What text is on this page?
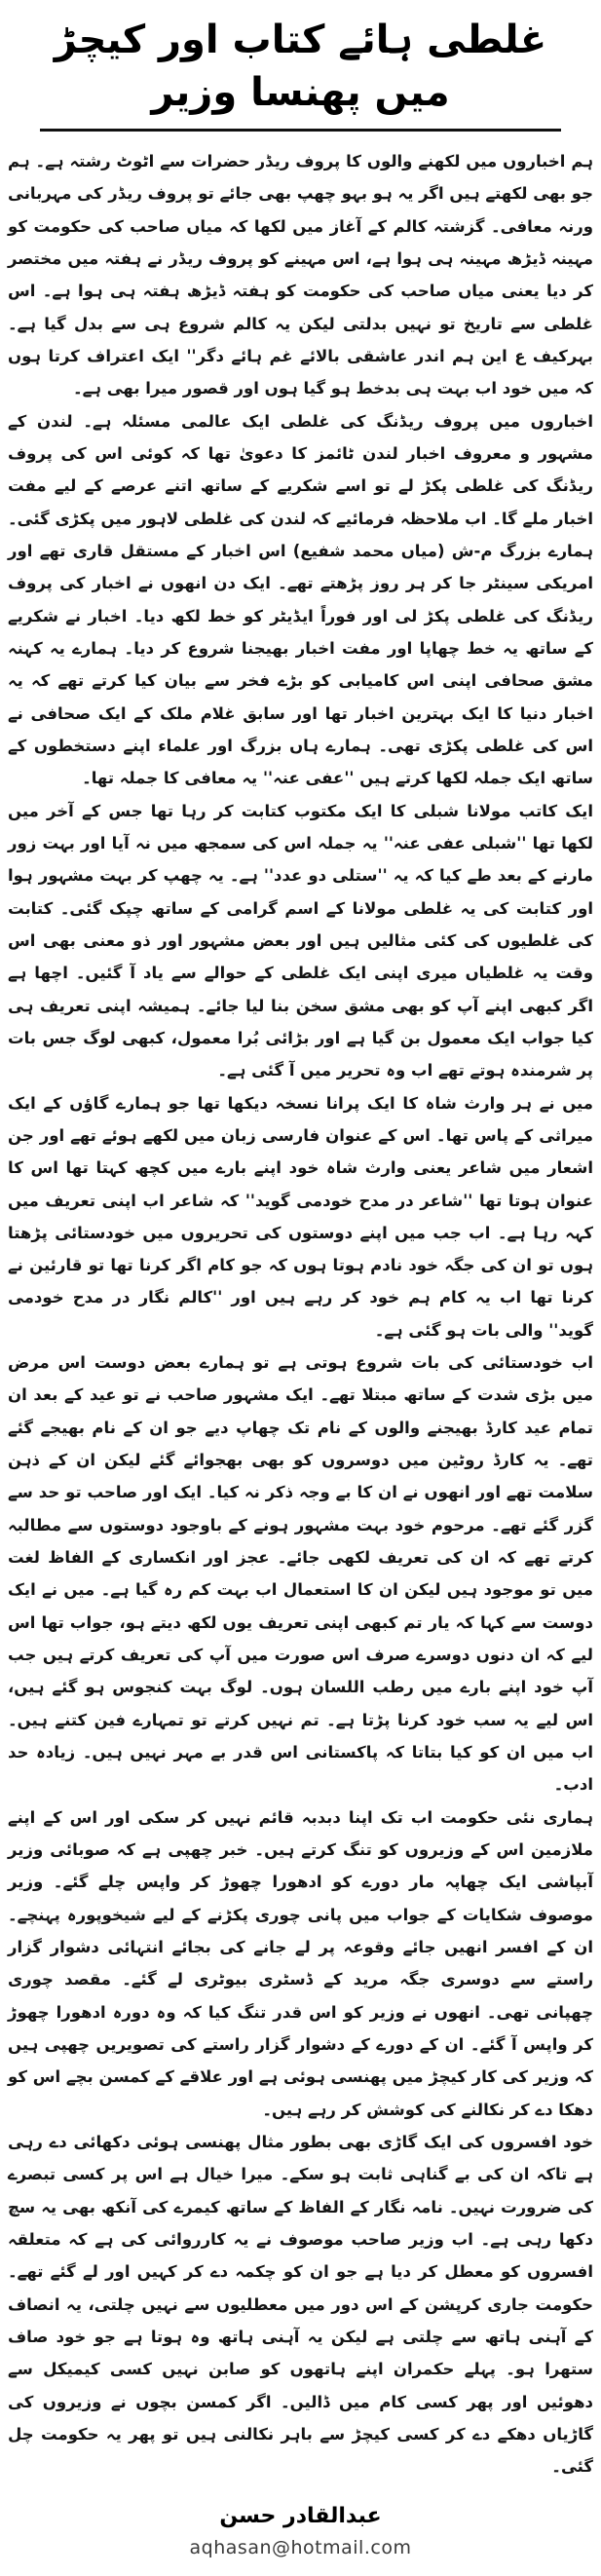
غلطی ہائے کتاب اور کیچڑ میں پھنسا وزیر

ہم اخباروں میں لکھنے والوں کا پروف ریڈر حضرات سے اٹوٹ رشتہ ہے۔ ہم جو بھی لکھتے ہیں اگر یہ ہو بہو چھپ بھی جائے تو پروف ریڈر کی مہربانی ورنہ معافی۔ گزشتہ کالم کے آغاز میں لکھا کہ میاں صاحب کی حکومت کو مہینہ ڈیڑھ مہینہ ہی ہوا ہے، اس مہینے کو پروف ریڈر نے ہفتہ میں مختصر کر دیا یعنی میاں صاحب کی حکومت کو ہفتہ ڈیڑھ ہفتہ ہی ہوا ہے۔ اس غلطی سے تاریخ تو نہیں بدلتی لیکن یہ کالم شروع ہی سے بدل گیا ہے۔ بہرکیف ع این ہم اندر عاشقی بالائے غم ہائے دگر'' ایک اعتراف کرتا ہوں کہ میں خود اب بہت ہی بدخط ہو گیا ہوں اور قصور میرا بھی ہے۔

اخباروں میں پروف ریڈنگ کی غلطی ایک عالمی مسئلہ ہے۔ لندن کے مشہور و معروف اخبار لندن ٹائمز کا دعویٰ تھا کہ کوئی اس کی پروف ریڈنگ کی غلطی پکڑ لے تو اسے شکریے کے ساتھ اتنے عرصے کے لیے مفت اخبار ملے گا۔ اب ملاحظہ فرمائیے کہ لندن کی غلطی لاہور میں پکڑی گئی۔ ہمارے بزرگ م-ش (میاں محمد شفیع) اس اخبار کے مستقل قاری تھے اور امریکی سینٹر جا کر ہر روز پڑھتے تھے۔ ایک دن انھوں نے اخبار کی پروف ریڈنگ کی غلطی پکڑ لی اور فوراً ایڈیٹر کو خط لکھ دیا۔ اخبار نے شکریے کے ساتھ یہ خط چھاپا اور مفت اخبار بھیجنا شروع کر دیا۔ ہمارے یہ کہنہ مشق صحافی اپنی اس کامیابی کو بڑے فخر سے بیان کیا کرتے تھے کہ یہ اخبار دنیا کا ایک بہترین اخبار تھا اور سابق غلام ملک کے ایک صحافی نے اس کی غلطی پکڑی تھی۔ ہمارے ہاں بزرگ اور علماء اپنے دستخطوں کے ساتھ ایک جملہ لکھا کرتے ہیں ''عفی عنہ'' یہ معافی کا جملہ تھا۔

ایک کاتب مولانا شبلی کا ایک مکتوب کتابت کر رہا تھا جس کے آخر میں لکھا تھا ''شبلی عفی عنہ'' یہ جملہ اس کی سمجھ میں نہ آیا اور بہت زور مارنے کے بعد طے کیا کہ یہ ''ستلی دو عدد'' ہے۔ یہ چھپ کر بہت مشہور ہوا اور کتابت کی یہ غلطی مولانا کے اسم گرامی کے ساتھ چپک گئی۔ کتابت کی غلطیوں کی کئی مثالیں ہیں اور بعض مشہور اور ذو معنی بھی اس وقت یہ غلطیاں میری اپنی ایک غلطی کے حوالے سے یاد آ گئیں۔ اچھا ہے اگر کبھی اپنے آپ کو بھی مشق سخن بنا لیا جائے۔ ہمیشہ اپنی تعریف ہی کیا جواب ایک معمول بن گیا ہے اور بڑائی بُرا معمول، کبھی لوگ جس بات پر شرمندہ ہوتے تھے اب وہ تحریر میں آ گئی ہے۔

میں نے ہر وارث شاہ کا ایک پرانا نسخہ دیکھا تھا جو ہمارے گاؤں کے ایک میراثی کے پاس تھا۔ اس کے عنوان فارسی زبان میں لکھے ہوئے تھے اور جن اشعار میں شاعر یعنی وارث شاہ خود اپنے بارے میں کچھ کہتا تھا اس کا عنوان ہوتا تھا ''شاعر در مدح خودمی گوید'' کہ شاعر اب اپنی تعریف میں کہہ رہا ہے۔ اب جب میں اپنے دوستوں کی تحریروں میں خودستائی پڑھتا ہوں تو ان کی جگہ خود نادم ہوتا ہوں کہ جو کام اگر کرنا تھا تو قارئین نے کرنا تھا اب یہ کام ہم خود کر رہے ہیں اور ''کالم نگار در مدح خودمی گوید'' والی بات ہو گئی ہے۔

اب خودستائی کی بات شروع ہوتی ہے تو ہمارے بعض دوست اس مرض میں بڑی شدت کے ساتھ مبتلا تھے۔ ایک مشہور صاحب نے تو عید کے بعد ان تمام عید کارڈ بھیجنے والوں کے نام تک چھاپ دیے جو ان کے نام بھیجے گئے تھے۔ یہ کارڈ روٹین میں دوسروں کو بھی بھجوائے گئے لیکن ان کے ذہن سلامت تھے اور انھوں نے ان کا بے وجہ ذکر نہ کیا۔ ایک اور صاحب تو حد سے گزر گئے تھے۔ مرحوم خود بہت مشہور ہونے کے باوجود دوستوں سے مطالبہ کرتے تھے کہ ان کی تعریف لکھی جائے۔ عجز اور انکساری کے الفاظ لغت میں تو موجود ہیں لیکن ان کا استعمال اب بہت کم رہ گیا ہے۔ میں نے ایک دوست سے کہا کہ یار تم کبھی اپنی تعریف یوں لکھ دیتے ہو، جواب تھا اس لیے کہ ان دنوں دوسرے صرف اس صورت میں آپ کی تعریف کرتے ہیں جب آپ خود اپنے بارے میں رطب اللسان ہوں۔ لوگ بہت کنجوس ہو گئے ہیں، اس لیے یہ سب خود کرنا پڑتا ہے۔ تم نہیں کرتے تو تمہارے فین کتنے ہیں۔ اب میں ان کو کیا بتاتا کہ پاکستانی اس قدر بے مہر نہیں ہیں۔ زیادہ حد ادب۔

ہماری نئی حکومت اب تک اپنا دبدبہ قائم نہیں کر سکی اور اس کے اپنے ملازمین اس کے وزیروں کو تنگ کرتے ہیں۔ خبر چھپی ہے کہ صوبائی وزیر آبپاشی ایک چھاپہ مار دورے کو ادھورا چھوڑ کر واپس چلے گئے۔ وزیر موصوف شکایات کے جواب میں پانی چوری پکڑنے کے لیے شیخوپورہ پہنچے۔ ان کے افسر انھیں جائے وقوعہ پر لے جانے کی بجائے انتہائی دشوار گزار راستے سے دوسری جگہ مرید کے ڈسٹری بیوٹری لے گئے۔ مقصد چوری چھپانی تھی۔ انھوں نے وزیر کو اس قدر تنگ کیا کہ وہ دورہ ادھورا چھوڑ کر واپس آ گئے۔ ان کے دورے کے دشوار گزار راستے کی تصویریں چھپی ہیں کہ وزیر کی کار کیچڑ میں پھنسی ہوئی ہے اور علاقے کے کمسن بچے اس کو دھکا دے کر نکالنے کی کوشش کر رہے ہیں۔

خود افسروں کی ایک گاڑی بھی بطور مثال پھنسی ہوئی دکھائی دے رہی ہے تاکہ ان کی بے گناہی ثابت ہو سکے۔ میرا خیال ہے اس پر کسی تبصرے کی ضرورت نہیں۔ نامہ نگار کے الفاظ کے ساتھ کیمرے کی آنکھ بھی یہ سچ دکھا رہی ہے۔ اب وزیر صاحب موصوف نے یہ کارروائی کی ہے کہ متعلقہ افسروں کو معطل کر دیا ہے جو ان کو چکمہ دے کر کہیں اور لے گئے تھے۔ حکومت جاری کرپشن کے اس دور میں معطلیوں سے نہیں چلتی، یہ انصاف کے آہنی ہاتھ سے چلتی ہے لیکن یہ آہنی ہاتھ وہ ہوتا ہے جو خود صاف ستھرا ہو۔ پہلے حکمران اپنے ہاتھوں کو صابن نہیں کسی کیمیکل سے دھوئیں اور پھر کسی کام میں ڈالیں۔ اگر کمسن بچوں نے وزیروں کی گاڑیاں دھکے دے کر کسی کیچڑ سے باہر نکالنی ہیں تو پھر یہ حکومت چل گئی۔

عبدالقادر حسن
aqhasan@hotmail.com
